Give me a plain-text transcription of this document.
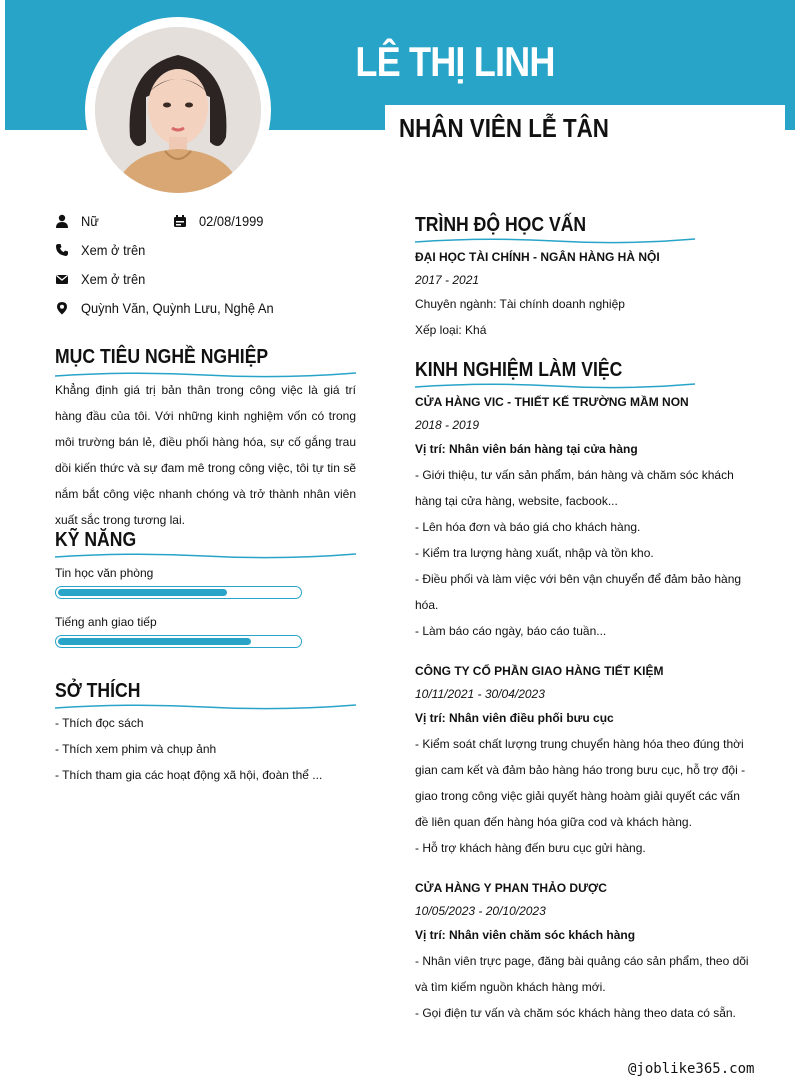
LÊ THỊ LINH
NHÂN VIÊN LỄ TÂN
Nữ	02/08/1999
Xem ở trên
Xem ở trên
Quỳnh Văn, Quỳnh Lưu, Nghệ An
MỤC TIÊU NGHỀ NGHIỆP
Khẳng định giá trị bản thân trong công việc là giá trí hàng đầu của tôi. Với những kinh nghiệm vốn có trong môi trường bán lẻ, điều phối hàng hóa, sự cố gắng trau dồi kiến thức và sự đam mê trong công việc, tôi tự tin sẽ nắm bắt công việc nhanh chóng và trở thành nhân viên xuất sắc trong tương lai.
KỸ NĂNG
Tin học văn phòng
Tiếng anh giao tiếp
SỞ THÍCH
- Thích đọc sách
- Thích xem phim và chụp ảnh
- Thích tham gia các hoạt động xã hội, đoàn thể ...
TRÌNH ĐỘ HỌC VẤN
ĐẠI HỌC TÀI CHÍNH - NGÂN HÀNG HÀ NỘI
2017 - 2021
Chuyên ngành: Tài chính doanh nghiệp
Xếp loại: Khá
KINH NGHIỆM LÀM VIỆC
CỬA HÀNG VIC - THIẾT KẾ TRƯỜNG MẦM NON
2018 - 2019
Vị trí: Nhân viên bán hàng tại cửa hàng
- Giới thiệu, tư vấn sản phẩm, bán hàng và chăm sóc khách
hàng tại cửa hàng, website, facbook...
- Lên hóa đơn và báo giá cho khách hàng.
- Kiểm tra lượng hàng xuất, nhập và tồn kho.
- Điều phối và làm việc với bên vận chuyển để đảm bảo hàng
hóa.
- Làm báo cáo ngày, báo cáo tuần...
CÔNG TY CỔ PHẦN GIAO HÀNG TIẾT KIỆM
10/11/2021 - 30/04/2023
Vị trí: Nhân viên điều phối bưu cục
- Kiểm soát chất lượng trung chuyển hàng hóa theo đúng thời
gian cam kết và đảm bảo hàng háo trong bưu cục, hỗ trợ đội -
giao trong công việc giải quyết hàng hoàm giải quyết các vấn
đề liên quan đến hàng hóa giữa cod và khách hàng.
- Hỗ trợ khách hàng đến bưu cục gửi hàng.
CỬA HÀNG Y PHAN THẢO DƯỢC
10/05/2023 - 20/10/2023
Vị trí: Nhân viên chăm sóc khách hàng
- Nhân viên trực page, đăng bài quảng cáo sản phẩm, theo dõi
và tìm kiếm nguồn khách hàng mới.
- Gọi điện tư vấn và chăm sóc khách hàng theo data có sẵn.
@joblike365.com
